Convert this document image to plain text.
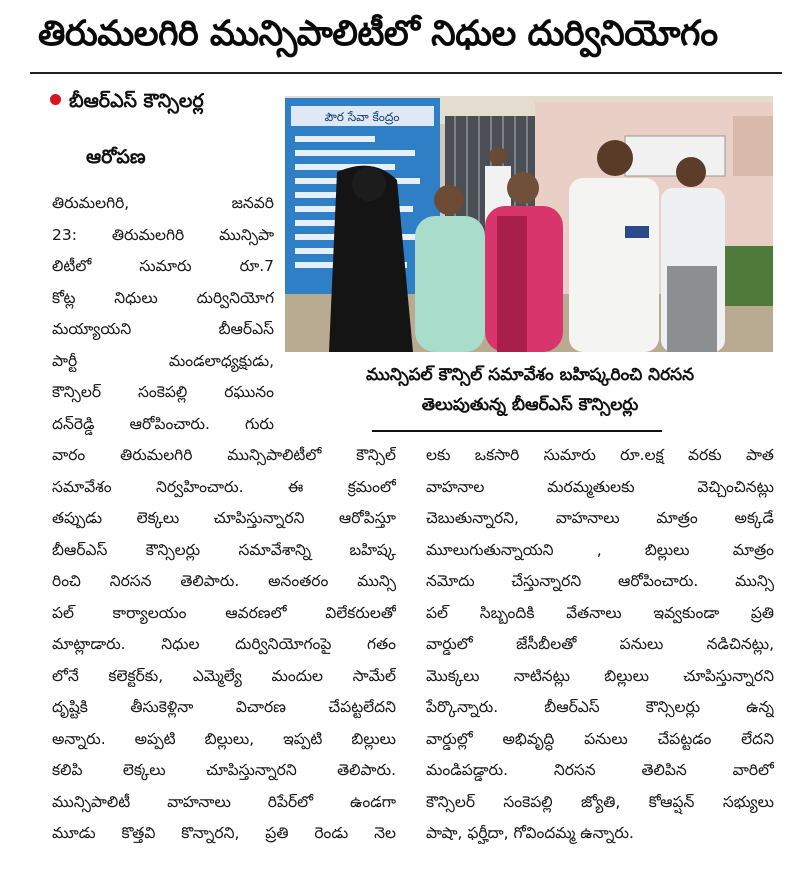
తిరుమలగిరి మున్సిపాలిటీలో నిధుల దుర్వినియోగం
బీఆర్ఎస్ కౌన్సిలర్ల
ఆరోపణ
పౌర సేవా కేంద్రం
మున్సిపల్ కౌన్సిల్ సమావేశం బహిష్కరించి నిరసన
తెలుపుతున్న బీఆర్ఎస్ కౌన్సిలర్లు
తిరుమలగిరి, జనవరి
23: తిరుమలగిరి మున్సిపా
లిటీలో సుమారు రూ.7
కోట్ల నిధులు దుర్వినియోగ
మయ్యాయని బీఆర్ఎస్
పార్టీ మండలాధ్యక్షుడు,
కౌన్సిలర్ సంకెపల్లి రఘునం
దన్‌రెడ్డి ఆరోపించారు. గురు
వారం తిరుమలగిరి మున్సిపాలిటీలో కౌన్సిల్
సమావేశం నిర్వహించారు. ఈ క్రమంలో
తప్పుడు లెక్కలు చూపిస్తున్నారని ఆరోపిస్తూ
బీఆర్ఎస్ కౌన్సిలర్లు సమావేశాన్ని బహిష్క
రించి నిరసన తెలిపారు. అనంతరం మున్సి
పల్ కార్యాలయం ఆవరణలో విలేకరులతో
మాట్లాడారు. నిధుల దుర్వినియోగంపై గతం
లోనే కలెక్టర్‌కు, ఎమ్మెల్యే మందుల సామేల్
దృష్టికి తీసుకెళ్లినా విచారణ చేపట్టలేదని
అన్నారు. అప్పటి బిల్లులు, ఇప్పటి బిల్లులు
కలిపి లెక్కలు చూపిస్తున్నారని తెలిపారు.
మున్సిపాలిటీ వాహనాలు రిపేర్‌లో ఉండగా
మూడు కొత్తవి కొన్నారని, ప్రతి రెండు నెల
లకు ఒకసారి సుమారు రూ.లక్ష వరకు పాత
వాహనాల మరమ్మతులకు వెచ్చించినట్లు
చెబుతున్నారని, వాహనాలు మాత్రం అక్కడే
మూలుగుతున్నాయని , బిల్లులు మాత్రం
నమోదు చేస్తున్నారని ఆరోపించారు. మున్సి
పల్ సిబ్బందికి వేతనాలు ఇవ్వకుండా ప్రతి
వార్డులో జేసీబీలతో పనులు నడిచినట్లు,
మొక్కలు నాటినట్లు బిల్లులు చూపిస్తున్నారని
పేర్కొన్నారు. బీఆర్ఎస్ కౌన్సిలర్లు ఉన్న
వార్డుల్లో అభివృద్ధి పనులు చేపట్టడం లేదని
మండిపడ్డారు. నిరసన తెలిపిన వారిలో
కౌన్సిలర్ సంకెపల్లి జ్యోతి, కోఆప్షన్ సభ్యులు
పాషా, ఫర్హీదా, గోవిందమ్మ ఉన్నారు.
